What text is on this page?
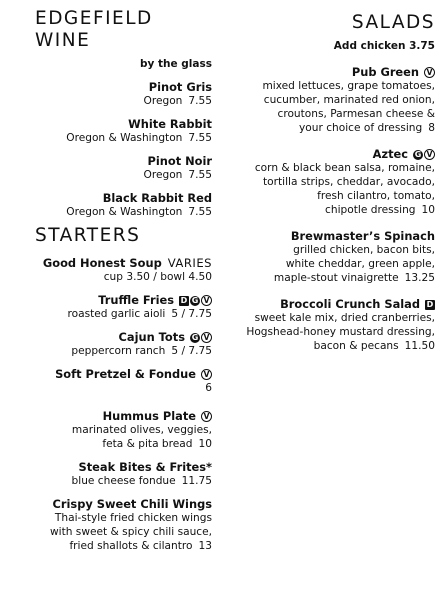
EDGEFIELD WINE
by the glass
Pinot Gris
Oregon 7.55
White Rabbit
Oregon & Washington 7.55
Pinot Noir
Oregon 7.55
Black Rabbit Red
Oregon & Washington 7.55
STARTERS
Good Honest Soup VARIES
cup 3.50 / bowl 4.50
Truffle Fries D G V
roasted garlic aioli 5 / 7.75
Cajun Tots G V
peppercorn ranch 5 / 7.75
Soft Pretzel & Fondue V
6
Hummus Plate V
marinated olives, veggies,
feta & pita bread 10
Steak Bites & Frites*
blue cheese fondue 11.75
Crispy Sweet Chili Wings
Thai-style fried chicken wings
with sweet & spicy chili sauce,
fried shallots & cilantro 13
SALADS
Add chicken 3.75
Pub Green V
mixed lettuces, grape tomatoes,
cucumber, marinated red onion,
croutons, Parmesan cheese &
your choice of dressing 8
Aztec G V
corn & black bean salsa, romaine,
tortilla strips, cheddar, avocado,
fresh cilantro, tomato,
chipotle dressing 10
Brewmaster’s Spinach
grilled chicken, bacon bits,
white cheddar, green apple,
maple-stout vinaigrette 13.25
Broccoli Crunch Salad D
sweet kale mix, dried cranberries,
Hogshead-honey mustard dressing,
bacon & pecans 11.50
